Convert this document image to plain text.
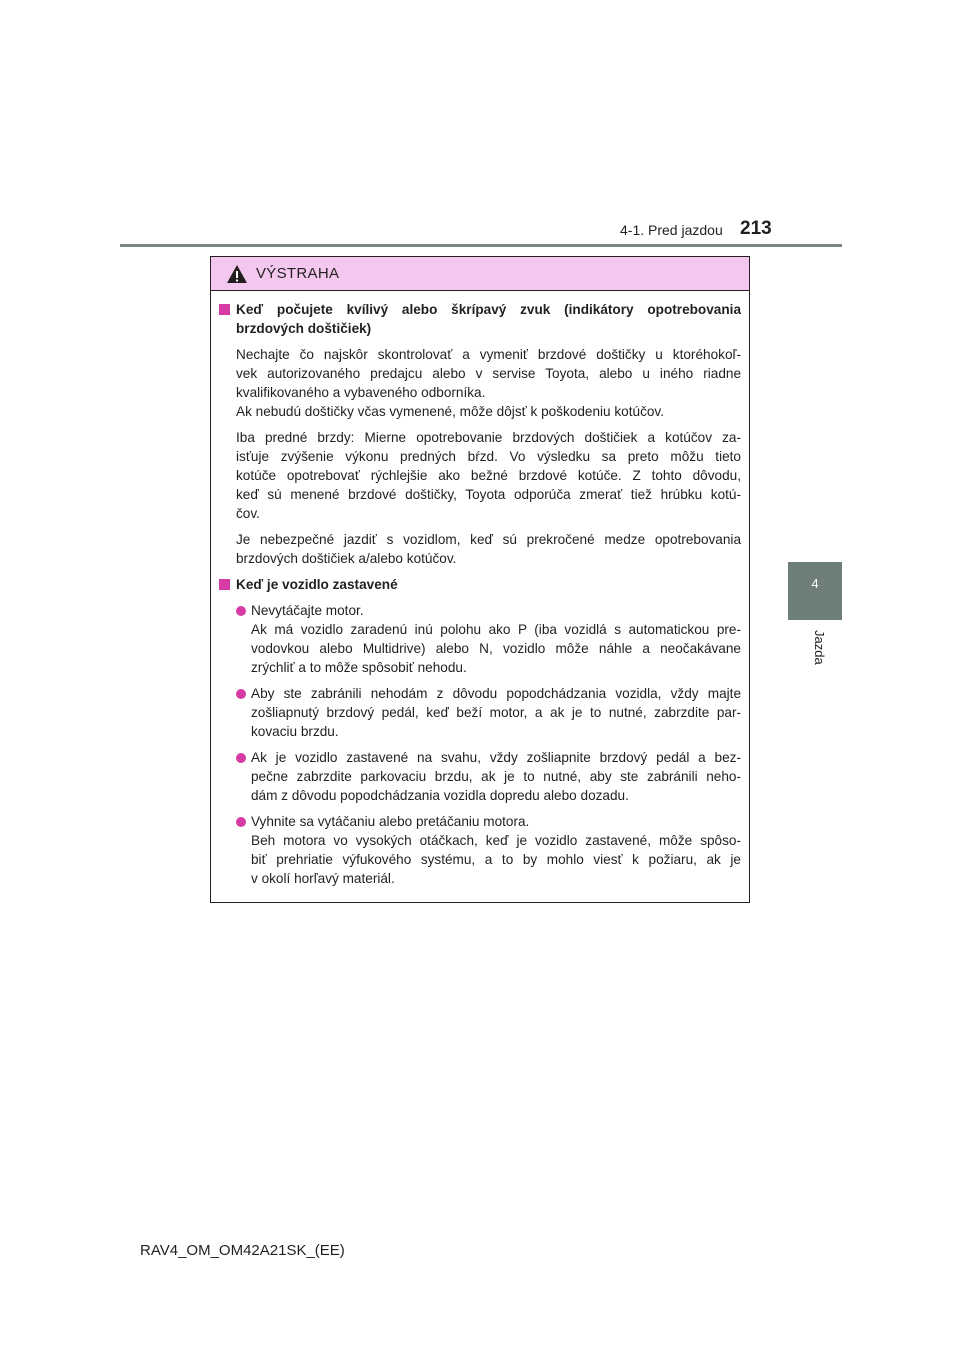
4-1. Pred jazdou 213
4
Jazda
VÝSTRAHA
Keď počujete kvílivý alebo škrípavý zvuk (indikátory opotrebovania brzdových doštičiek)
Nechajte čo najskôr skontrolovať a vymeniť brzdové doštičky u ktoréhokoľ-
vek autorizovaného predajcu alebo v servise Toyota, alebo u iného riadne
kvalifikovaného a vybaveného odborníka.
Ak nebudú doštičky včas vymenené, môže dôjsť k poškodeniu kotúčov.
Iba predné brzdy: Mierne opotrebovanie brzdových doštičiek a kotúčov za-
isťuje zvýšenie výkonu predných bŕzd. Vo výsledku sa preto môžu tieto
kotúče opotrebovať rýchlejšie ako bežné brzdové kotúče. Z tohto dôvodu,
keď sú menené brzdové doštičky, Toyota odporúča zmerať tiež hrúbku kotú-
čov.
Je nebezpečné jazdiť s vozidlom, keď sú prekročené medze opotrebovania
brzdových doštičiek a/alebo kotúčov.
Keď je vozidlo zastavené
Nevytáčajte motor.
Ak má vozidlo zaradenú inú polohu ako P (iba vozidlá s automatickou pre-
vodovkou alebo Multidrive) alebo N, vozidlo môže náhle a neočakávane
zrýchliť a to môže spôsobiť nehodu.
Aby ste zabránili nehodám z dôvodu popodchádzania vozidla, vždy majte
zošliapnutý brzdový pedál, keď beží motor, a ak je to nutné, zabrzdite par-
kovaciu brzdu.
Ak je vozidlo zastavené na svahu, vždy zošliapnite brzdový pedál a bez-
pečne zabrzdite parkovaciu brzdu, ak je to nutné, aby ste zabránili neho-
dám z dôvodu popodchádzania vozidla dopredu alebo dozadu.
Vyhnite sa vytáčaniu alebo pretáčaniu motora.
Beh motora vo vysokých otáčkach, keď je vozidlo zastavené, môže spôso-
biť prehriatie výfukového systému, a to by mohlo viesť k požiaru, ak je
v okolí horľavý materiál.
RAV4_OM_OM42A21SK_(EE)
